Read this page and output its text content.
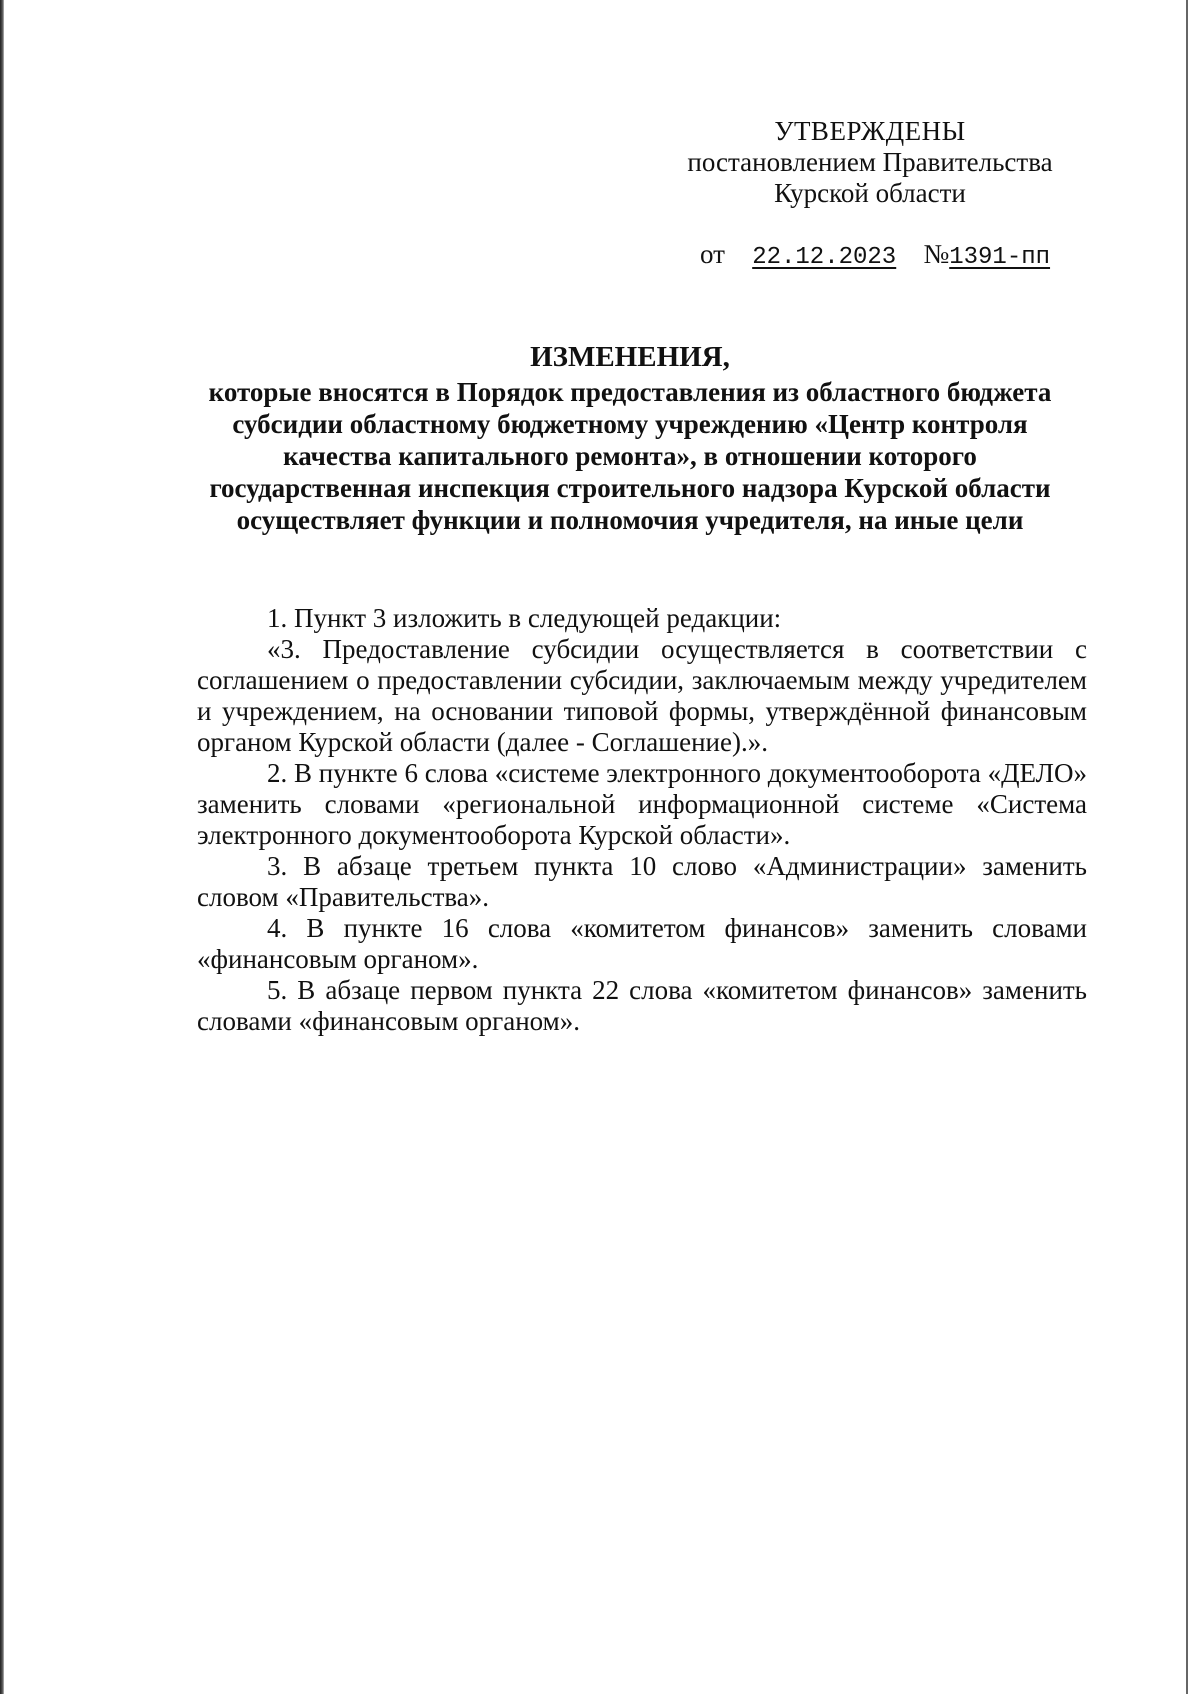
УТВЕРЖДЕНЫ
постановлением Правительства
Курской области
от 22.12.2023 №1391-пп
ИЗМЕНЕНИЯ,
которые вносятся в Порядок предоставления из областного бюджета субсидии областному бюджетному учреждению «Центр контроля качества капитального ремонта», в отношении которого государственная инспекция строительного надзора Курской области осуществляет функции и полномочия учредителя, на иные цели

1. Пункт 3 изложить в следующей редакции:

«3. Предоставление субсидии осуществляется в соответствии с соглашением о предоставлении субсидии, заключаемым между учредителем и учреждением, на основании типовой формы, утверждённой финансовым органом Курской области (далее - Соглашение).».

2. В пункте 6 слова «системе электронного документооборота «ДЕЛО» заменить словами «региональной информационной системе «Система электронного документооборота Курской области».

3. В абзаце третьем пункта 10 слово «Администрации» заменить словом «Правительства».

4. В пункте 16 слова «комитетом финансов» заменить словами «финансовым органом».

5. В абзаце первом пункта 22 слова «комитетом финансов» заменить словами «финансовым органом».
